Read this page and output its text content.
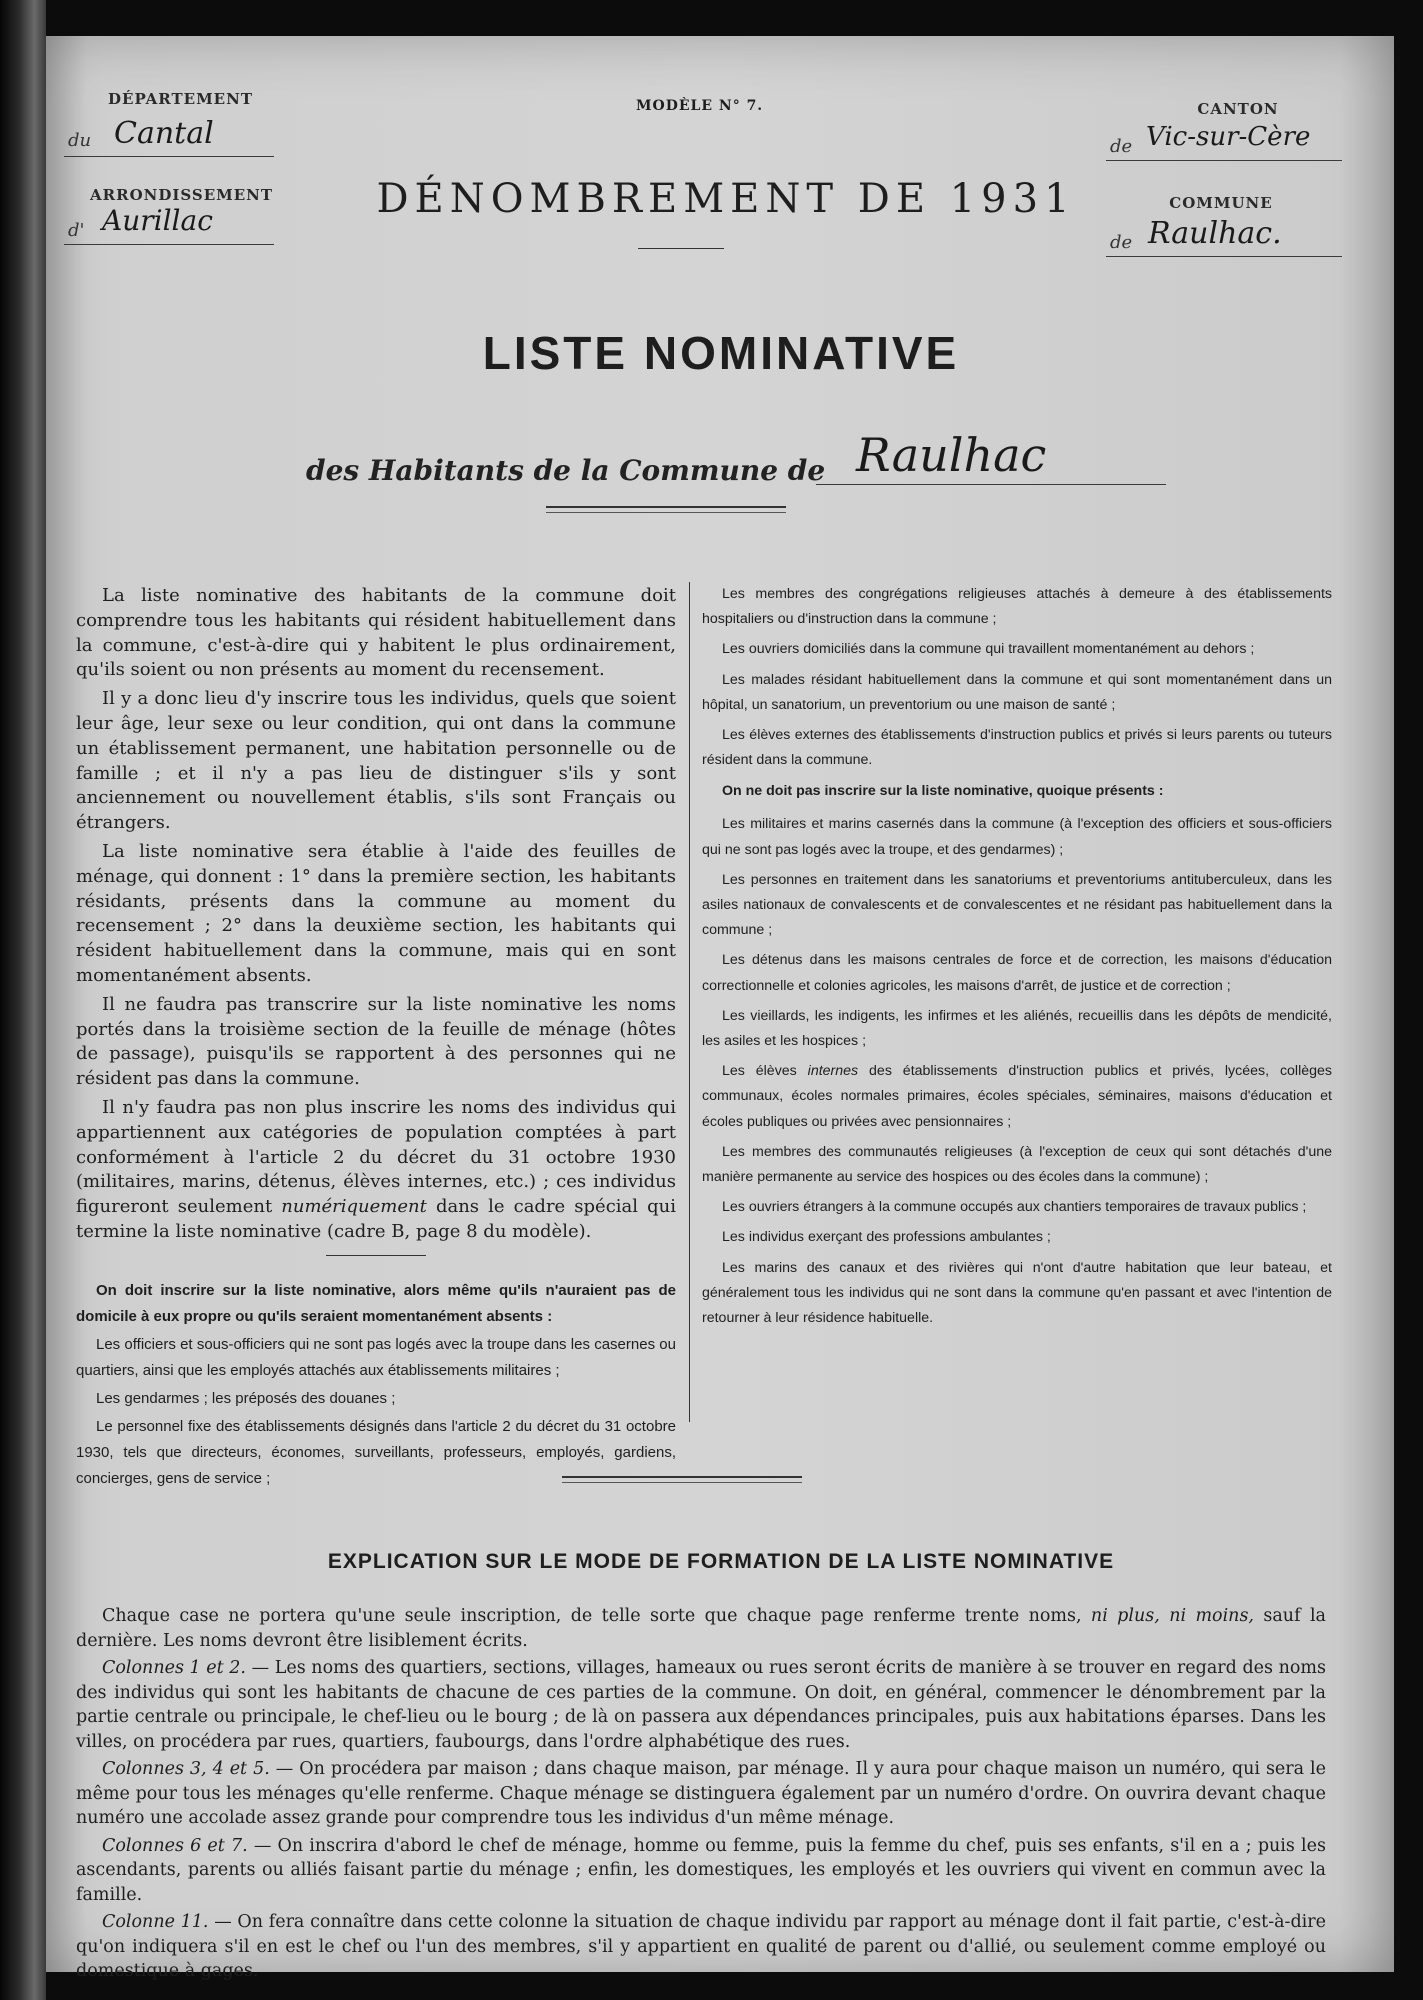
DÉPARTEMENT
du Cantal
ARRONDISSEMENT
d' Aurillac
MODÈLE N° 7.
DÉNOMBREMENT DE 1931
CANTON
de Vic-sur-Cère
COMMUNE
de Raulhac.
LISTE NOMINATIVE
des Habitants de la Commune de Raulhac

La liste nominative des habitants de la commune doit comprendre tous les habitants qui résident habituellement dans la commune, c'est-à-dire qui y habitent le plus ordinairement, qu'ils soient ou non présents au moment du recensement.

Il y a donc lieu d'y inscrire tous les individus, quels que soient leur âge, leur sexe ou leur condition, qui ont dans la commune un établissement permanent, une habitation personnelle ou de famille ; et il n'y a pas lieu de distinguer s'ils y sont anciennement ou nouvellement établis, s'ils sont Français ou étrangers.

La liste nominative sera établie à l'aide des feuilles de ménage, qui donnent : 1° dans la première section, les habitants résidants, présents dans la commune au moment du recensement ; 2° dans la deuxième section, les habitants qui résident habituellement dans la commune, mais qui en sont momentanément absents.

Il ne faudra pas transcrire sur la liste nominative les noms portés dans la troisième section de la feuille de ménage (hôtes de passage), puisqu'ils se rapportent à des personnes qui ne résident pas dans la commune.

Il n'y faudra pas non plus inscrire les noms des individus qui appartiennent aux catégories de population comptées à part conformément à l'article 2 du décret du 31 octobre 1930 (militaires, marins, détenus, élèves internes, etc.) ; ces individus figureront seulement numériquement dans le cadre spécial qui termine la liste nominative (cadre B, page 8 du modèle).

On doit inscrire sur la liste nominative, alors même qu'ils n'auraient pas de domicile à eux propre ou qu'ils seraient momentanément absents :

Les officiers et sous-officiers qui ne sont pas logés avec la troupe dans les casernes ou quartiers, ainsi que les employés attachés aux établissements militaires ;

Les gendarmes ; les préposés des douanes ;

Le personnel fixe des établissements désignés dans l'article 2 du décret du 31 octobre 1930, tels que directeurs, économes, surveillants, professeurs, employés, gardiens, concierges, gens de service ;

Les membres des congrégations religieuses attachés à demeure à des établissements hospitaliers ou d'instruction dans la commune ;

Les ouvriers domiciliés dans la commune qui travaillent momentanément au dehors ;

Les malades résidant habituellement dans la commune et qui sont momentanément dans un hôpital, un sanatorium, un preventorium ou une maison de santé ;

Les élèves externes des établissements d'instruction publics et privés si leurs parents ou tuteurs résident dans la commune.

On ne doit pas inscrire sur la liste nominative, quoique présents :

Les militaires et marins casernés dans la commune (à l'exception des officiers et sous-officiers qui ne sont pas logés avec la troupe, et des gendarmes) ;

Les personnes en traitement dans les sanatoriums et preventoriums antituberculeux, dans les asiles nationaux de convalescents et de convalescentes et ne résidant pas habituellement dans la commune ;

Les détenus dans les maisons centrales de force et de correction, les maisons d'éducation correctionnelle et colonies agricoles, les maisons d'arrêt, de justice et de correction ;

Les vieillards, les indigents, les infirmes et les aliénés, recueillis dans les dépôts de mendicité, les asiles et les hospices ;

Les élèves internes des établissements d'instruction publics et privés, lycées, collèges communaux, écoles normales primaires, écoles spéciales, séminaires, maisons d'éducation et écoles publiques ou privées avec pensionnaires ;

Les membres des communautés religieuses (à l'exception de ceux qui sont détachés d'une manière permanente au service des hospices ou des écoles dans la commune) ;

Les ouvriers étrangers à la commune occupés aux chantiers temporaires de travaux publics ;

Les individus exerçant des professions ambulantes ;

Les marins des canaux et des rivières qui n'ont d'autre habitation que leur bateau, et généralement tous les individus qui ne sont dans la commune qu'en passant et avec l'intention de retourner à leur résidence habituelle.

EXPLICATION SUR LE MODE DE FORMATION DE LA LISTE NOMINATIVE

Chaque case ne portera qu'une seule inscription, de telle sorte que chaque page renferme trente noms, ni plus, ni moins, sauf la dernière. Les noms devront être lisiblement écrits.

Colonnes 1 et 2. — Les noms des quartiers, sections, villages, hameaux ou rues seront écrits de manière à se trouver en regard des noms des individus qui sont les habitants de chacune de ces parties de la commune. On doit, en général, commencer le dénombrement par la partie centrale ou principale, le chef-lieu ou le bourg ; de là on passera aux dépendances principales, puis aux habitations éparses. Dans les villes, on procédera par rues, quartiers, faubourgs, dans l'ordre alphabétique des rues.

Colonnes 3, 4 et 5. — On procédera par maison ; dans chaque maison, par ménage. Il y aura pour chaque maison un numéro, qui sera le même pour tous les ménages qu'elle renferme. Chaque ménage se distinguera également par un numéro d'ordre. On ouvrira devant chaque numéro une accolade assez grande pour comprendre tous les individus d'un même ménage.

Colonnes 6 et 7. — On inscrira d'abord le chef de ménage, homme ou femme, puis la femme du chef, puis ses enfants, s'il en a ; puis les ascendants, parents ou alliés faisant partie du ménage ; enfin, les domestiques, les employés et les ouvriers qui vivent en commun avec la famille.

Colonne 11. — On fera connaître dans cette colonne la situation de chaque individu par rapport au ménage dont il fait partie, c'est-à-dire qu'on indiquera s'il en est le chef ou l'un des membres, s'il y appartient en qualité de parent ou d'allié, ou seulement comme employé ou domestique à gages.
